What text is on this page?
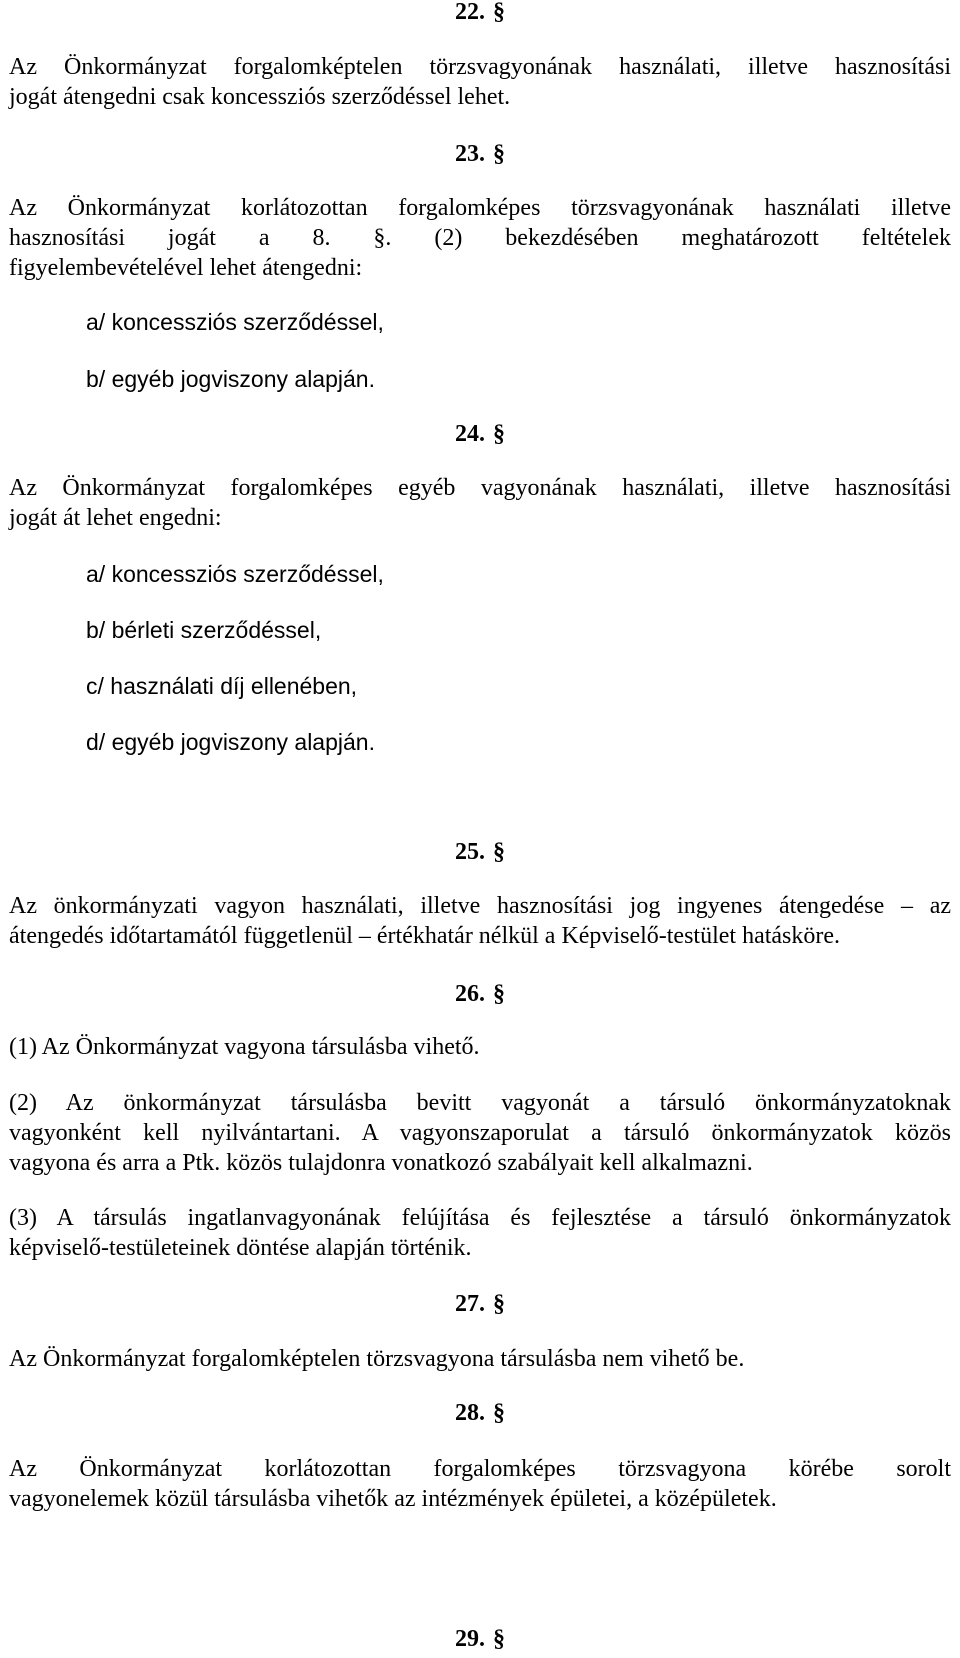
22. §
Az Önkormányzat forgalomképtelen törzsvagyonának használati, illetve hasznosítási
jogát átengedni csak koncessziós szerződéssel lehet.
23. §
Az Önkormányzat korlátozottan forgalomképes törzsvagyonának használati illetve
hasznosítási jogát a 8. §. (2) bekezdésében meghatározott feltételek
figyelembevételével lehet átengedni:
a/ koncessziós szerződéssel,
b/ egyéb jogviszony alapján.
24. §
Az Önkormányzat forgalomképes egyéb vagyonának használati, illetve hasznosítási
jogát át lehet engedni:
a/ koncessziós szerződéssel,
b/ bérleti szerződéssel,
c/ használati díj ellenében,
d/ egyéb jogviszony alapján.
25. §
Az önkormányzati vagyon használati, illetve hasznosítási jog ingyenes átengedése – az
átengedés időtartamától függetlenül – értékhatár nélkül a Képviselő-testület hatásköre.
26. §
(1) Az Önkormányzat vagyona társulásba vihető.
(2) Az önkormányzat társulásba bevitt vagyonát a társuló önkormányzatoknak
vagyonként kell nyilvántartani. A vagyonszaporulat a társuló önkormányzatok közös
vagyona és arra a Ptk. közös tulajdonra vonatkozó szabályait kell alkalmazni.
(3) A társulás ingatlanvagyonának felújítása és fejlesztése a társuló önkormányzatok
képviselő-testületeinek döntése alapján történik.
27. §
Az Önkormányzat forgalomképtelen törzsvagyona társulásba nem vihető be.
28. §
Az Önkormányzat korlátozottan forgalomképes törzsvagyona körébe sorolt
vagyonelemek közül társulásba vihetők az intézmények épületei, a középületek.
29. §
